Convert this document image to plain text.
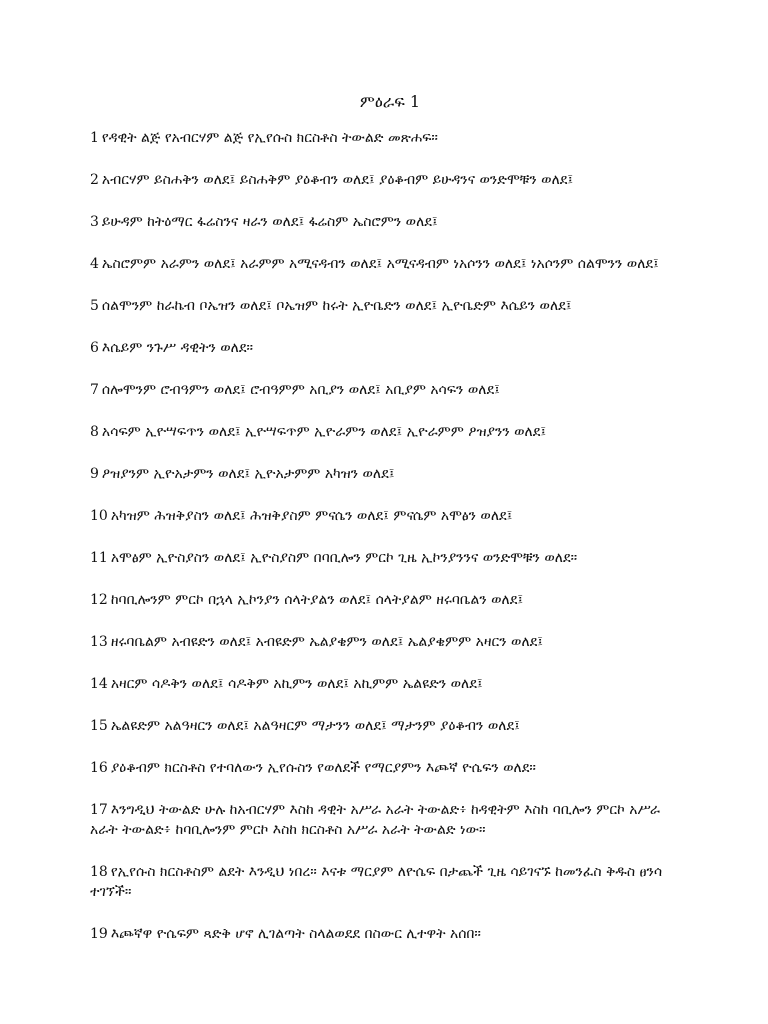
ምዕራፍ 1

1 የዳዊት ልጅ የአብርሃም ልጅ የኢየሱስ ክርስቶስ ትውልድ መጽሐፍ።

2 አብርሃም ይስሐቅን ወለደ፤ ይስሐቅም ያዕቆብን ወለደ፤ ያዕቆብም ይሁዳንና ወንድሞቹን ወለደ፤

3 ይሁዳም ከትዕማር ፋሬስንና ዛራን ወለደ፤ ፋሬስም ኤስሮምን ወለደ፤

4 ኤስሮምም አራምን ወለደ፤ አራምም አሚናዳብን ወለደ፤ አሚናዳብም ነአሶንን ወለደ፤ ነአሶንም ሰልሞንን ወለደ፤

5 ሰልሞንም ከራኬብ ቦኤዝን ወለደ፤ ቦኤዝም ከሩት ኢዮቤድን ወለደ፤ ኢዮቤድም እሴይን ወለደ፤

6 እሴይም ንጉሥ ዳዊትን ወለደ።

7 ሰሎሞንም ሮብዓምን ወለደ፤ ሮብዓምም አቢያን ወለደ፤ አቢያም አሳፍን ወለደ፤

8 አሳፍም ኢዮሣፍጥን ወለደ፤ ኢዮሣፍጥም ኢዮራምን ወለደ፤ ኢዮራምም ዖዝያንን ወለደ፤

9 ዖዝያንም ኢዮአታምን ወለደ፤ ኢዮአታምም አካዝን ወለደ፤

10 አካዝም ሕዝቅያስን ወለደ፤ ሕዝቅያስም ምናሴን ወለደ፤ ምናሴም አሞፅን ወለደ፤

11 አሞፅም ኢዮስያስን ወለደ፤ ኢዮስያስም በባቢሎን ምርኮ ጊዜ ኢኮንያንንና ወንድሞቹን ወለደ።

12 ከባቢሎንም ምርኮ በኋላ ኢኮንያን ሰላትያልን ወለደ፤ ሰላትያልም ዘሩባቤልን ወለደ፤

13 ዘሩባቤልም አብዩድን ወለደ፤ አብዩድም ኤልያቄምን ወለደ፤ ኤልያቄምም አዛርን ወለደ፤

14 አዛርም ሳዶቅን ወለደ፤ ሳዶቅም አኪምን ወለደ፤ አኪምም ኤልዩድን ወለደ፤

15 ኤልዩድም አልዓዛርን ወለደ፤ አልዓዛርም ማታንን ወለደ፤ ማታንም ያዕቆብን ወለደ፤

16 ያዕቆብም ክርስቶስ የተባለውን ኢየሱስን የወለደች የማርያምን እጮኛ ዮሴፍን ወለደ።

17 እንግዲህ ትውልድ ሁሉ ከአብርሃም እስከ ዳዊት አሥራ አራት ትውልድ፥ ከዳዊትም እስከ ባቢሎን ምርኮ አሥራ አራት ትውልድ፥ ከባቢሎንም ምርኮ እስከ ክርስቶስ አሥራ አራት ትውልድ ነው።

18 የኢየሱስ ክርስቶስም ልደት እንዲህ ነበረ። እናቱ ማርያም ለዮሴፍ በታጨች ጊዜ ሳይገናኙ ከመንፈስ ቅዱስ ፀንሳ ተገኘች።

19 እጮኛዋ ዮሴፍም ጻድቅ ሆኖ ሊገልጣት ስላልወደደ በስውር ሊተዋት አሰበ።
